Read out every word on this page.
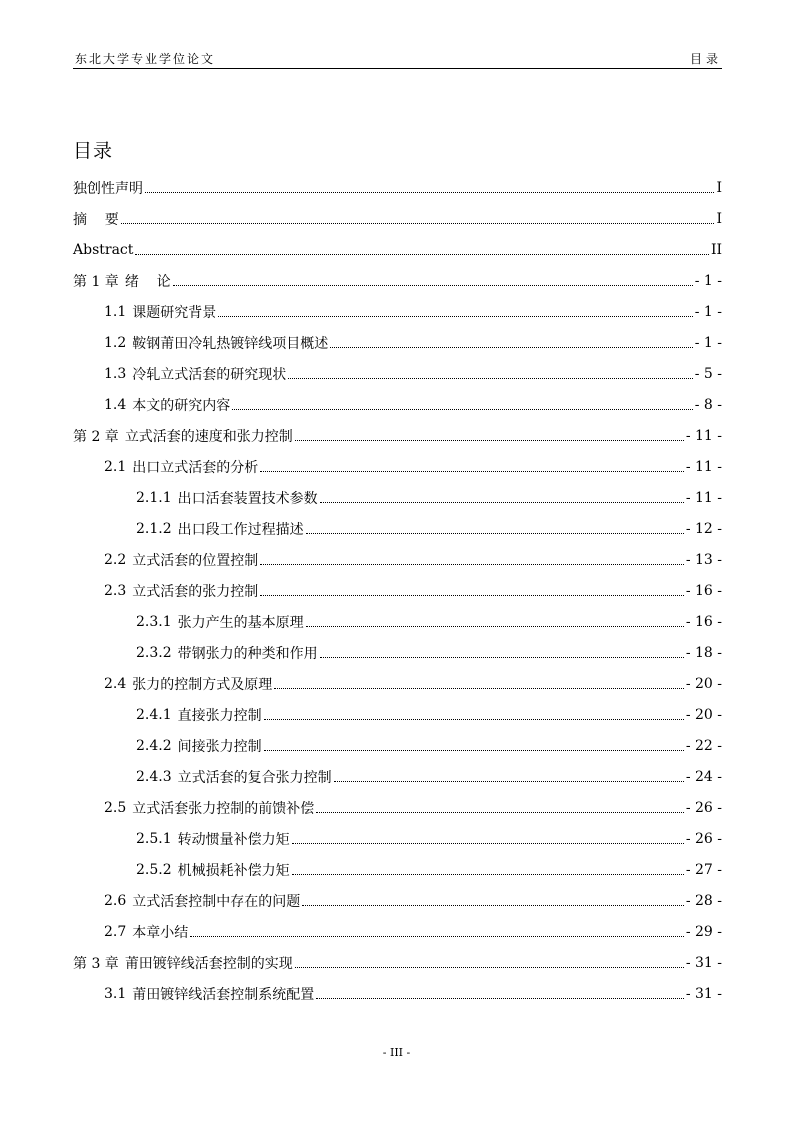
东北大学专业学位论文	目录
目录
独创性声明	I
摘    要	I
Abstract	II
第 1 章 绪    论	- 1 -
1.1 课题研究背景	- 1 -
1.2 鞍钢莆田冷轧热镀锌线项目概述	- 1 -
1.3 冷轧立式活套的研究现状	- 5 -
1.4 本文的研究内容	- 8 -
第 2 章 立式活套的速度和张力控制	- 11 -
2.1 出口立式活套的分析	- 11 -
2.1.1 出口活套装置技术参数	- 11 -
2.1.2 出口段工作过程描述	- 12 -
2.2 立式活套的位置控制	- 13 -
2.3 立式活套的张力控制	- 16 -
2.3.1 张力产生的基本原理	- 16 -
2.3.2 带钢张力的种类和作用	- 18 -
2.4 张力的控制方式及原理	- 20 -
2.4.1 直接张力控制	- 20 -
2.4.2 间接张力控制	- 22 -
2.4.3 立式活套的复合张力控制	- 24 -
2.5 立式活套张力控制的前馈补偿	- 26 -
2.5.1 转动惯量补偿力矩	- 26 -
2.5.2 机械损耗补偿力矩	- 27 -
2.6 立式活套控制中存在的问题	- 28 -
2.7 本章小结	- 29 -
第 3 章 莆田镀锌线活套控制的实现	- 31 -
3.1 莆田镀锌线活套控制系统配置	- 31 -
- III -
